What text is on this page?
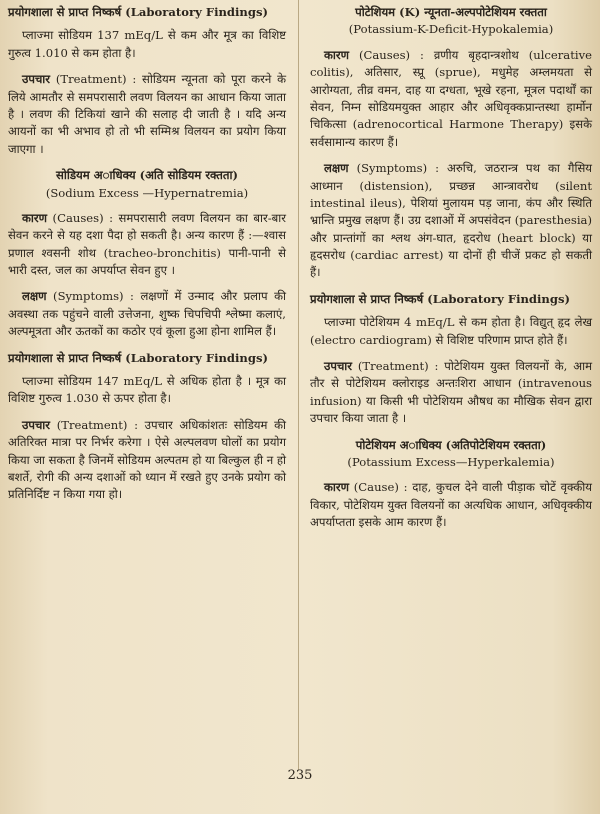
प्रयोगशाला से प्राप्त निष्कर्ष (Laboratory Findings)

प्लाज्मा सोडियम 137 mEq/L से कम और मूत्र का विशिष्ट गुरुत्व 1.010 से कम होता है।

उपचार (Treatment) : सोडियम न्यूनता को पूरा करने के लिये आमतौर से समपरासारी लवण विलयन का आधान किया जाता है । लवण की टिकियां खाने की सलाह दी जाती है । यदि अन्य आयनों का भी अभाव हो तो भी सम्मिश्र विलयन का प्रयोग किया जाएगा ।

सोडियम अाधिक्य (अति सोडियम रक्तता)
(Sodium Excess —Hypernatremia)

कारण (Causes) : समपरासारी लवण विलयन का बार-बार सेवन करने से यह दशा पैदा हो सकती है। अन्य कारण हैं :—श्वास प्रणाल श्वसनी शोथ (tracheo-bronchitis) पानी-पानी से भारी दस्त, जल का अपर्याप्त सेवन हुए ।

लक्षण (Symptoms) : लक्षणों में उन्माद और प्रलाप की अवस्था तक पहुंचने वाली उत्तेजना, शुष्क चिपचिपी श्लेष्मा कलाएं, अल्पमूत्रता और ऊतकों का कठोर एवं कूला हुआ होना शामिल हैं।

प्रयोगशाला से प्राप्त निष्कर्ष (Laboratory Findings)

प्लाज्मा सोडियम 147 mEq/L से अधिक होता है । मूत्र का विशिष्ट गुरुत्व 1.030 से ऊपर होता है।

उपचार (Treatment) : उपचार अधिकांशतः सोडियम की अतिरिक्त मात्रा पर निर्भर करेगा । ऐसे अल्पलवण घोलों का प्रयोग किया जा सकता है जिनमें सोडियम अल्पतम हो या बिल्कुल ही न हो बशर्ते, रोगी की अन्य दशाओं को ध्यान में रखते हुए उनके प्रयोग को प्रतिनिर्दिष्ट न किया गया हो।

पोटेशियम (K) न्यूनता-अल्पपोटेशियम रक्तता
(Potassium-K-Deficit-Hypokalemia)

कारण (Causes) : व्रणीय बृहदान्त्रशोथ (ulcerative colitis), अतिसार, स्प्रू (sprue), मधुमेह अम्लमयता से आरोग्यता, तीव्र वमन, दाह या दग्धता, भूखे रहना, मूत्रल पदार्थों का सेवन, निम्न सोडियमयुक्त आहार और अधिवृक्कप्रान्तस्था हार्मोन चिकित्सा (adrenocortical Harmone Therapy) इसके सर्वसामान्य कारण हैं।

लक्षण (Symptoms) : अरुचि, जठरान्त्र पथ का गैसिय आध्मान (distension), प्रच्छन्न आन्त्रावरोध (silent intestinal ileus), पेशियां मुलायम पड़ जाना, कंप और स्थिति भ्रान्ति प्रमुख लक्षण हैं। उग्र दशाओं में अपसंवेदन (paresthesia) और प्रान्तांगों का श्लथ अंग-घात, हृदरोध (heart block) या हृदसरोध (cardiac arrest) या दोनों ही चीजें प्रकट हो सकती हैं।

प्रयोगशाला से प्राप्त निष्कर्ष (Laboratory Findings)

प्लाज्मा पोटेशियम 4 mEq/L से कम होता है। विद्युत् हृद लेख (electro cardiogram) से विशिष्ट परिणाम प्राप्त होते हैं।

उपचार (Treatment) : पोटेशियम युक्त विलयनों के, आम तौर से पोटेशियम क्लोराइड अन्तःशिरा आधान (intravenous infusion) या किसी भी पोटेशियम औषध का मौखिक सेवन द्वारा उपचार किया जाता है ।

पोटेशियम अाधिक्य (अतिपोटेशियम रक्तता)
(Potassium Excess—Hyperkalemia)

कारण (Cause) : दाह, कुचल देने वाली पीड़ाक चोटें वृक्कीय विकार, पोटेशियम युक्त विलयनों का अत्यधिक आधान, अधिवृक्कीय अपर्याप्तता इसके आम कारण हैं।

235
